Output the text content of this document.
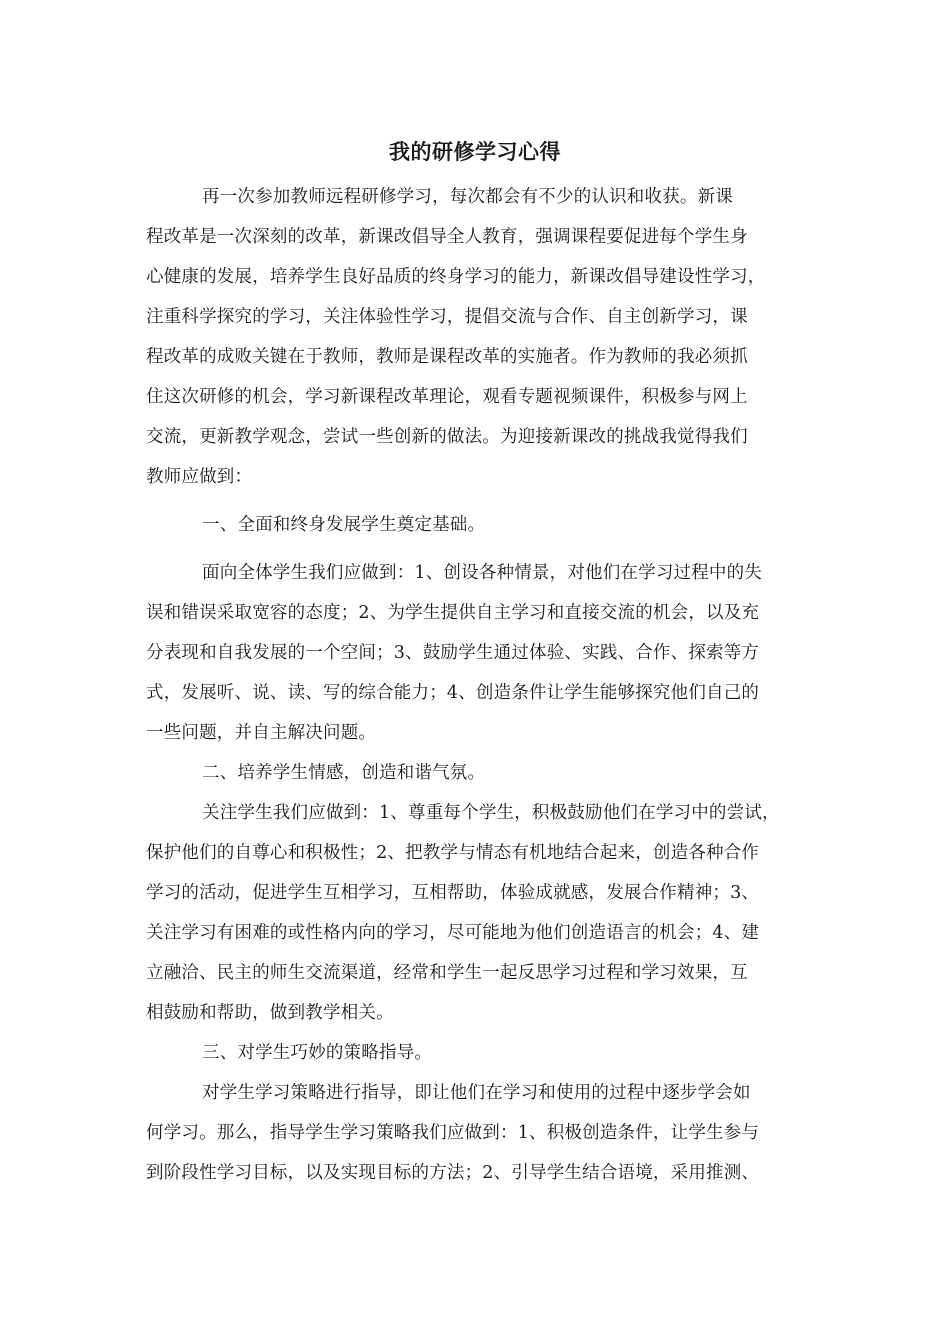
我的研修学习心得
再一次参加教师远程研修学习，每次都会有不少的认识和收获。新课
程改革是一次深刻的改革，新课改倡导全人教育，强调课程要促进每个学生身
心健康的发展，培养学生良好品质的终身学习的能力，新课改倡导建设性学习，
注重科学探究的学习，关注体验性学习，提倡交流与合作、自主创新学习，课
程改革的成败关键在于教师，教师是课程改革的实施者。作为教师的我必须抓
住这次研修的机会，学习新课程改革理论，观看专题视频课件，积极参与网上
交流，更新教学观念，尝试一些创新的做法。为迎接新课改的挑战我觉得我们
教师应做到：
一、全面和终身发展学生奠定基础。
面向全体学生我们应做到：1、创设各种情景，对他们在学习过程中的失
误和错误采取宽容的态度；2、为学生提供自主学习和直接交流的机会，以及充
分表现和自我发展的一个空间；3、鼓励学生通过体验、实践、合作、探索等方
式，发展听、说、读、写的综合能力；4、创造条件让学生能够探究他们自己的
一些问题，并自主解决问题。
二、培养学生情感，创造和谐气氛。
关注学生我们应做到：1、尊重每个学生，积极鼓励他们在学习中的尝试，
保护他们的自尊心和积极性；2、把教学与情态有机地结合起来，创造各种合作
学习的活动，促进学生互相学习，互相帮助，体验成就感，发展合作精神；3、
关注学习有困难的或性格内向的学习，尽可能地为他们创造语言的机会；4、建
立融洽、民主的师生交流渠道，经常和学生一起反思学习过程和学习效果，互
相鼓励和帮助，做到教学相关。
三、对学生巧妙的策略指导。
对学生学习策略进行指导，即让他们在学习和使用的过程中逐步学会如
何学习。那么，指导学生学习策略我们应做到：1、积极创造条件，让学生参与
到阶段性学习目标，以及实现目标的方法；2、引导学生结合语境，采用推测、
